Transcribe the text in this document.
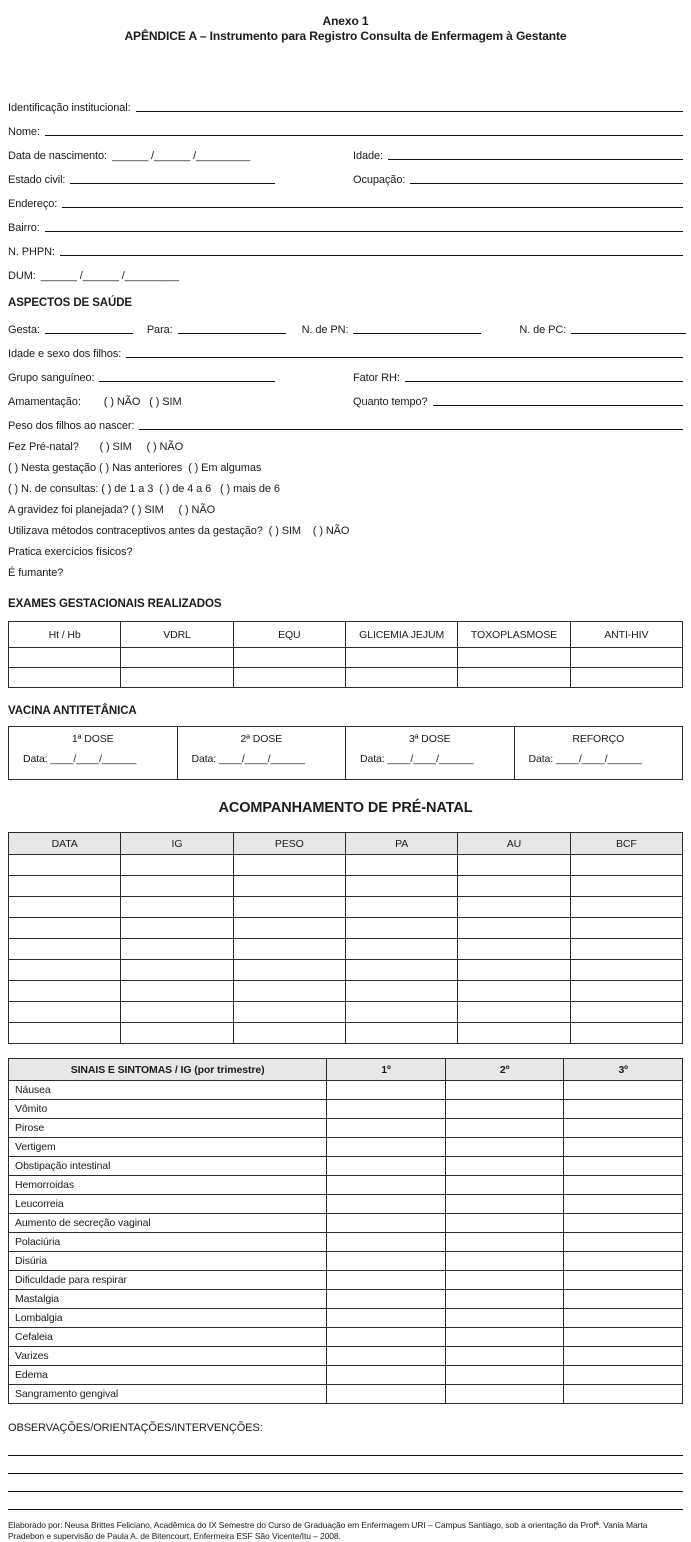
Anexo 1
APÊNDICE A – Instrumento para Registro Consulta de Enfermagem à Gestante
Identificação institucional:
Nome:
Data de nascimento: ______ /______ /_________	Idade:
Estado civil:	Ocupação:
Endereço:
Bairro:
N. PHPN:
DUM: ______ /______ /_________
ASPECTOS DE SAÚDE
Gesta:	Para:	N. de PN:	N. de PC:
Idade e sexo dos filhos:
Grupo sanguíneo:	Fator RH:
Amamentação:	( ) NÃO   ( ) SIM	Quanto tempo?
Peso dos filhos ao nascer:
Fez Pré-natal?       ( ) SIM     ( ) NÃO
( ) Nesta gestação ( ) Nas anteriores  ( ) Em algumas
( ) N. de consultas: ( ) de 1 a 3  ( ) de 4 a 6   ( ) mais de 6
A gravidez foi planejada? ( ) SIM     ( ) NÃO
Utilizava métodos contraceptivos antes da gestação?  ( ) SIM    ( ) NÃO
Pratica exercícios físicos?
É fumante?
EXAMES GESTACIONAIS REALIZADOS
Ht / Hb	VDRL	EQU	GLICEMIA JEJUM	TOXOPLASMOSE	ANTI-HIV

VACINA ANTITETÂNICA
1ª DOSE
Data: ____/____/______

2ª DOSE
Data: ____/____/______

3ª DOSE
Data: ____/____/______

REFORÇO
Data: ____/____/______
ACOMPANHAMENTO DE PRÉ-NATAL
DATA	IG	PESO	PA	AU	BCF

SINAIS E SINTOMAS / IG (por trimestre)	1º	2º	3º
Náusea			
Vômito			
Pirose			
Vertigem			
Obstipação intestinal			
Hemorroidas			
Leucorreia			
Aumento de secreção vaginal			
Polaciúria			
Disúria			
Dificuldade para respirar			
Mastalgia			
Lombalgia			
Cefaleia			
Varizes			
Edema			
Sangramento gengival			
OBSERVAÇÕES/ORIENTAÇÕES/INTERVENÇÕES:
Elaborado por: Neusa Brittes Feliciano, Acadêmica do IX Semestre do Curso de Graduação em Enfermagem URI – Campus Santiago, sob a orientação da Profª. Vania Marta Pradebon e supervisão de Paula A. de Bitencourt, Enfermeira ESF São Vicente/Itu – 2008.
